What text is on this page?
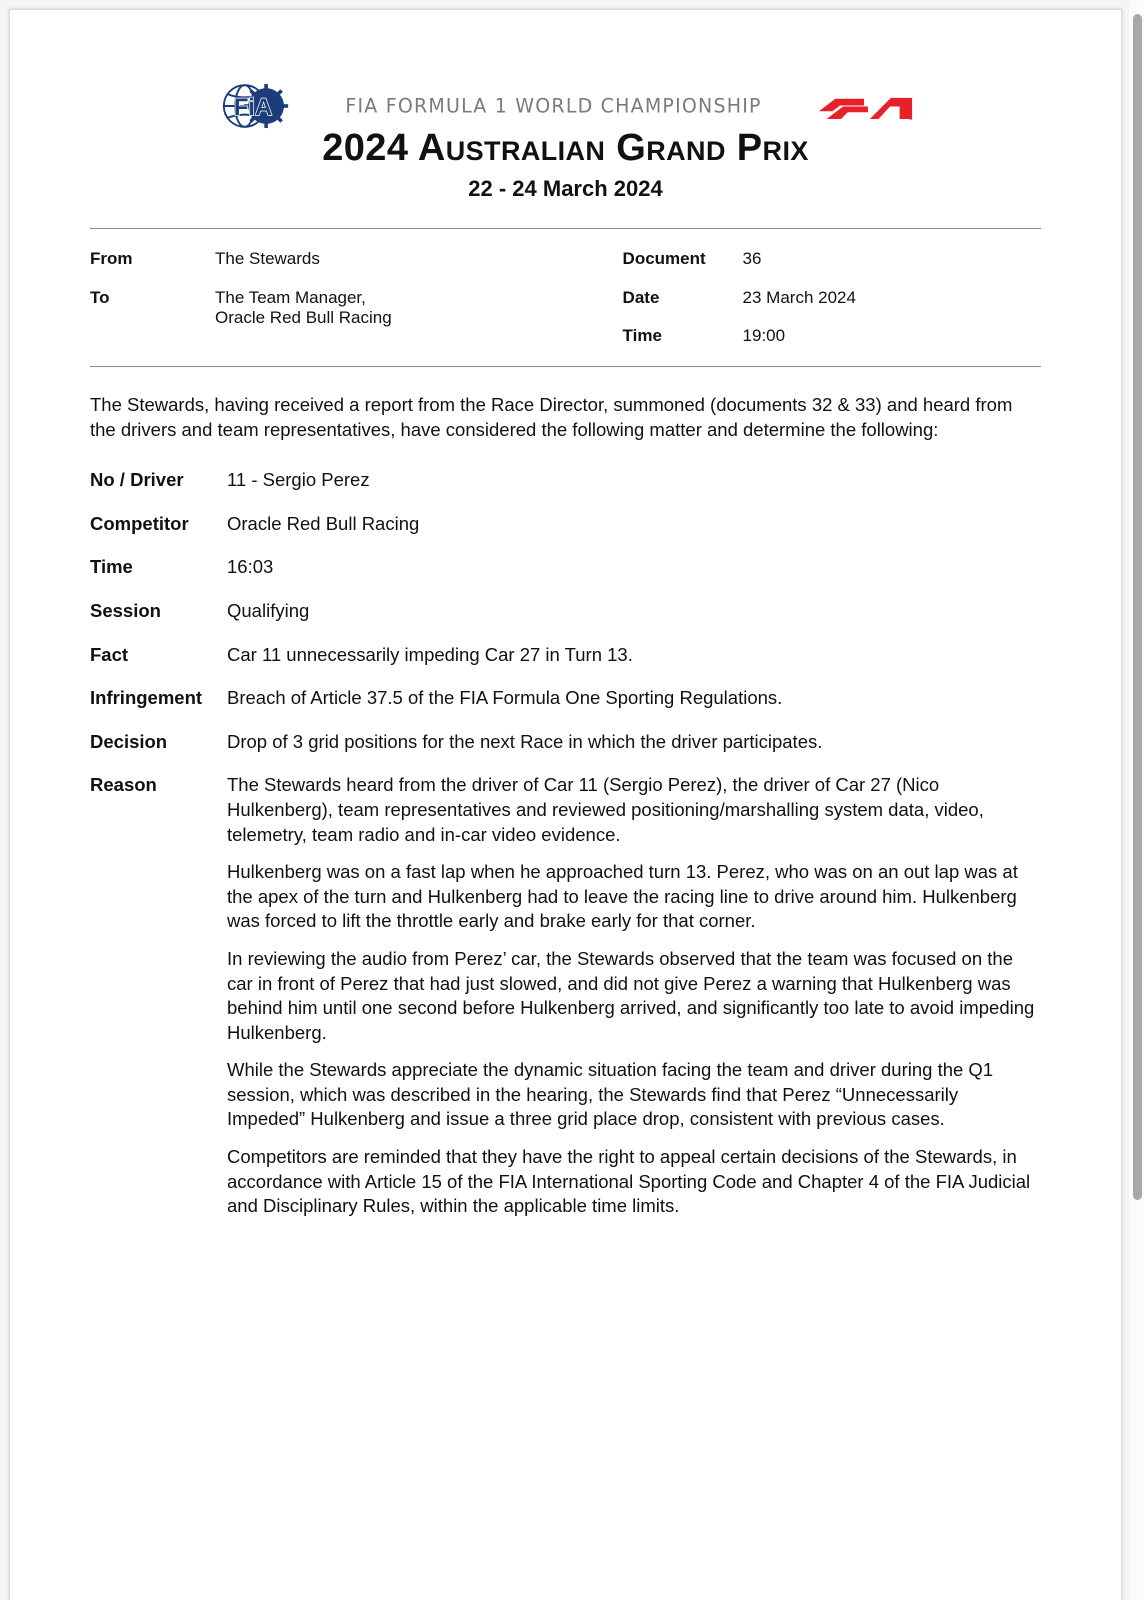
FiA	FIA FORMULA 1 WORLD CHAMPIONSHIP
2024 Australian Grand Prix
22 - 24 March 2024
From	The Stewards
To	The Team Manager,
Oracle Red Bull Racing
Document	36
Date	23 March 2024
Time	19:00

The Stewards, having received a report from the Race Director, summoned (documents 32 & 33) and heard from the drivers and team representatives, have considered the following matter and determine the following:

No / Driver	11 - Sergio Perez
Competitor	Oracle Red Bull Racing
Time	16:03
Session	Qualifying
Fact	Car 11 unnecessarily impeding Car 27 in Turn 13.
Infringement	Breach of Article 37.5 of the FIA Formula One Sporting Regulations.
Decision	Drop of 3 grid positions for the next Race in which the driver participates.
Reason	The Stewards heard from the driver of Car 11 (Sergio Perez), the driver of Car 27 (Nico Hulkenberg), team representatives and reviewed positioning/marshalling system data, video, telemetry, team radio and in-car video evidence.

Hulkenberg was on a fast lap when he approached turn 13. Perez, who was on an out lap was at the apex of the turn and Hulkenberg had to leave the racing line to drive around him. Hulkenberg was forced to lift the throttle early and brake early for that corner.

In reviewing the audio from Perez’ car, the Stewards observed that the team was focused on the car in front of Perez that had just slowed, and did not give Perez a warning that Hulkenberg was behind him until one second before Hulkenberg arrived, and significantly too late to avoid impeding Hulkenberg.

While the Stewards appreciate the dynamic situation facing the team and driver during the Q1 session, which was described in the hearing, the Stewards find that Perez “Unnecessarily Impeded” Hulkenberg and issue a three grid place drop, consistent with previous cases.

Competitors are reminded that they have the right to appeal certain decisions of the Stewards, in accordance with Article 15 of the FIA International Sporting Code and Chapter 4 of the FIA Judicial and Disciplinary Rules, within the applicable time limits.
